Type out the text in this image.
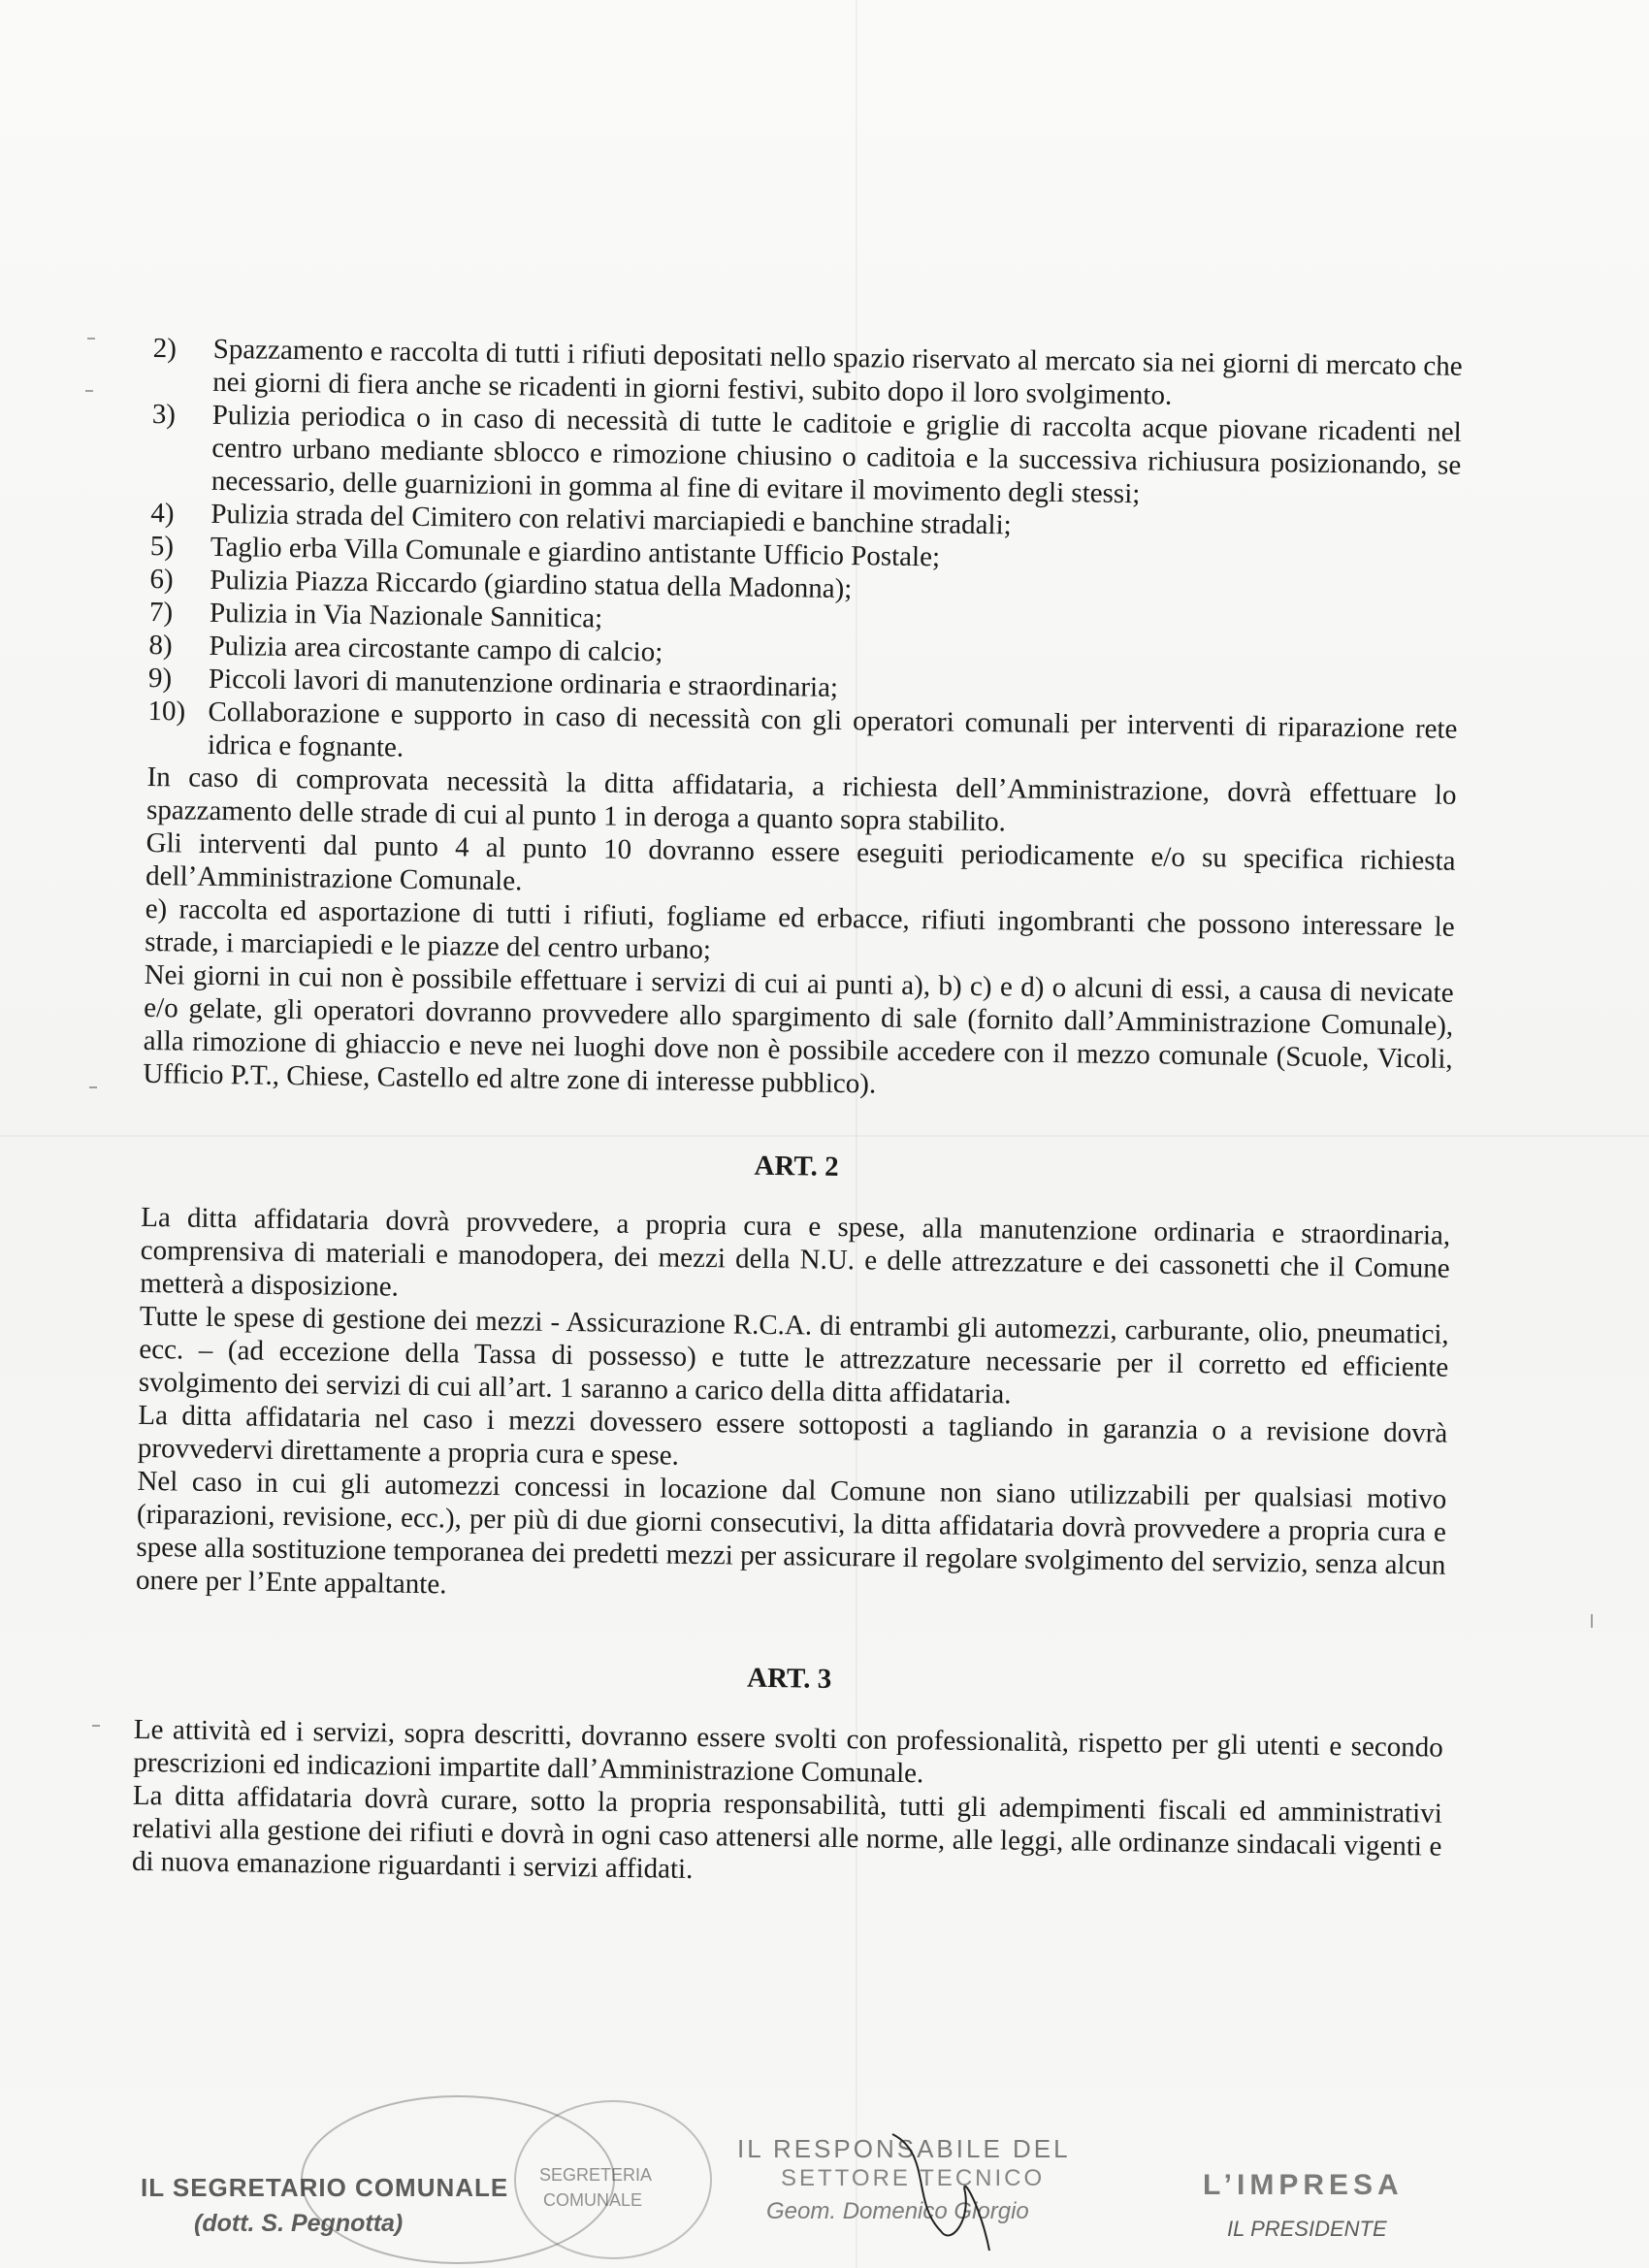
2)	Spazzamento e raccolta di tutti i rifiuti depositati nello spazio riservato al mercato sia nei giorni di mercato che nei giorni di fiera anche se ricadenti in giorni festivi, subito dopo il loro svolgimento.
3)	Pulizia periodica o in caso di necessità di tutte le caditoie e griglie di raccolta acque piovane ricadenti nel centro urbano mediante sblocco e rimozione chiusino o caditoia e la successiva richiusura posizionando, se necessario, delle guarnizioni in gomma al fine di evitare il movimento degli stessi;
4)	Pulizia strada del Cimitero con relativi marciapiedi e banchine stradali;
5)	Taglio erba Villa Comunale e giardino antistante Ufficio Postale;
6)	Pulizia Piazza Riccardo (giardino statua della Madonna);
7)	Pulizia in Via Nazionale Sannitica;
8)	Pulizia area circostante campo di calcio;
9)	Piccoli lavori di manutenzione ordinaria e straordinaria;
10) Collaborazione e supporto in caso di necessità con gli operatori comunali per interventi di riparazione rete idrica e fognante.
In caso di comprovata necessità la ditta affidataria, a richiesta dell’Amministrazione, dovrà effettuare lo spazzamento delle strade di cui al punto 1 in deroga a quanto sopra stabilito.
Gli interventi dal punto 4 al punto 10 dovranno essere eseguiti periodicamente e/o su specifica richiesta dell’Amministrazione Comunale.
e) raccolta ed asportazione di tutti i rifiuti, fogliame ed erbacce, rifiuti ingombranti che possono interessare le strade, i marciapiedi e le piazze del centro urbano;
Nei giorni in cui non è possibile effettuare i servizi di cui ai punti a), b) c) e d) o alcuni di essi, a causa di nevicate e/o gelate, gli operatori dovranno provvedere allo spargimento di sale (fornito dall’Amministrazione Comunale), alla rimozione di ghiaccio e neve nei luoghi dove non è possibile accedere con il mezzo comunale (Scuole, Vicoli, Ufficio P.T., Chiese, Castello ed altre zone di interesse pubblico).
ART. 2
La ditta affidataria dovrà provvedere, a propria cura e spese, alla manutenzione ordinaria e straordinaria, comprensiva di materiali e manodopera, dei mezzi della N.U. e delle attrezzature e dei cassonetti che il Comune metterà a disposizione.
Tutte le spese di gestione dei mezzi - Assicurazione R.C.A. di entrambi gli automezzi, carburante, olio, pneumatici, ecc. – (ad eccezione della Tassa di possesso) e tutte le attrezzature necessarie per il corretto ed efficiente svolgimento dei servizi di cui all’art. 1 saranno a carico della ditta affidataria.
La ditta affidataria nel caso i mezzi dovessero essere sottoposti a tagliando in garanzia o a revisione dovrà provvedervi direttamente a propria cura e spese.
Nel caso in cui gli automezzi concessi in locazione dal Comune non siano utilizzabili per qualsiasi motivo (riparazioni, revisione, ecc.), per più di due giorni consecutivi, la ditta affidataria dovrà provvedere a propria cura e spese alla sostituzione temporanea dei predetti mezzi per assicurare il regolare svolgimento del servizio, senza alcun onere per l’Ente appaltante.
ART. 3
Le attività ed i servizi, sopra descritti, dovranno essere svolti con professionalità, rispetto per gli utenti e secondo prescrizioni ed indicazioni impartite dall’Amministrazione Comunale.
La ditta affidataria dovrà curare, sotto la propria responsabilità, tutti gli adempimenti fiscali ed amministrativi relativi alla gestione dei rifiuti e dovrà in ogni caso attenersi alle norme, alle leggi, alle ordinanze sindacali vigenti e di nuova emanazione riguardanti i servizi affidati.
IL SEGRETARIO COMUNALE
(dott. S. Pegnotta)
SEGRETERIA
COMUNALE
IL RESPONSABILE DEL
SETTORE TECNICO
Geom. Domenico Giorgio
L’IMPRESA
IL PRESIDENTE
